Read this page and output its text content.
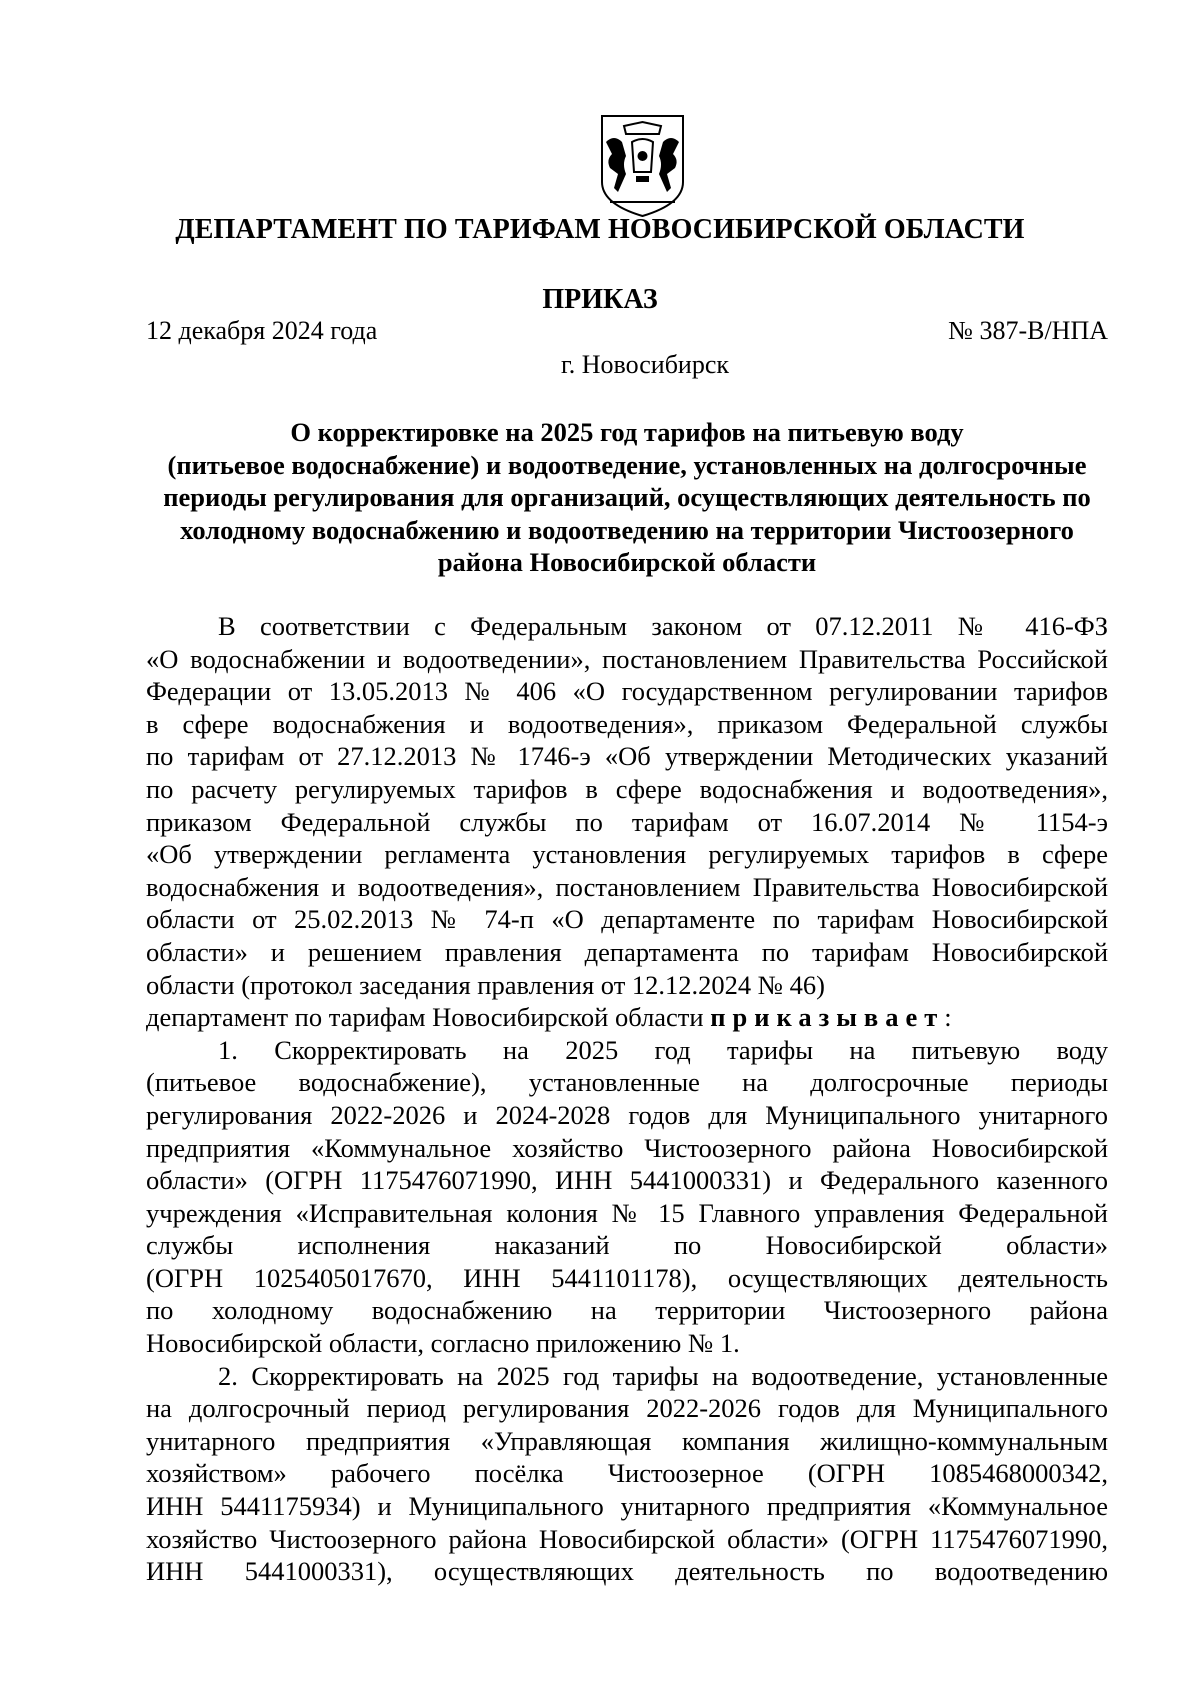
ДЕПАРТАМЕНТ ПО ТАРИФАМ НОВОСИБИРСКОЙ ОБЛАСТИ
ПРИКАЗ
12 декабря 2024 года	№ 387-В/НПА
г. Новосибирск
О корректировке на 2025 год тарифов на питьевую воду
(питьевое водоснабжение) и водоотведение, установленных на долгосрочные
периоды регулирования для организаций, осуществляющих деятельность по
холодному водоснабжению и водоотведению на территории Чистоозерного
района Новосибирской области
В соответствии с Федеральным законом от 07.12.2011 № 416-ФЗ
«О водоснабжении и водоотведении», постановлением Правительства Российской
Федерации от 13.05.2013 № 406 «О государственном регулировании тарифов
в сфере водоснабжения и водоотведения», приказом Федеральной службы
по тарифам от 27.12.2013 № 1746-э «Об утверждении Методических указаний
по расчету регулируемых тарифов в сфере водоснабжения и водоотведения»,
приказом Федеральной службы по тарифам от 16.07.2014 № 1154-э
«Об утверждении регламента установления регулируемых тарифов в сфере
водоснабжения и водоотведения», постановлением Правительства Новосибирской
области от 25.02.2013 № 74-п «О департаменте по тарифам Новосибирской
области» и решением правления департамента по тарифам Новосибирской
области (протокол заседания правления от 12.12.2024 № 46)
департамент по тарифам Новосибирской области приказывает:
1. Скорректировать на 2025 год тарифы на питьевую воду
(питьевое водоснабжение), установленные на долгосрочные периоды
регулирования 2022-2026 и 2024-2028 годов для Муниципального унитарного
предприятия «Коммунальное хозяйство Чистоозерного района Новосибирской
области» (ОГРН 1175476071990, ИНН 5441000331) и Федерального казенного
учреждения «Исправительная колония № 15 Главного управления Федеральной
службы исполнения наказаний по Новосибирской области»
(ОГРН 1025405017670, ИНН 5441101178), осуществляющих деятельность
по холодному водоснабжению на территории Чистоозерного района
Новосибирской области, согласно приложению № 1.
2. Скорректировать на 2025 год тарифы на водоотведение, установленные
на долгосрочный период регулирования 2022-2026 годов для Муниципального
унитарного предприятия «Управляющая компания жилищно-коммунальным
хозяйством» рабочего посёлка Чистоозерное (ОГРН 1085468000342,
ИНН 5441175934) и Муниципального унитарного предприятия «Коммунальное
хозяйство Чистоозерного района Новосибирской области» (ОГРН 1175476071990,
ИНН 5441000331), осуществляющих деятельность по водоотведению
